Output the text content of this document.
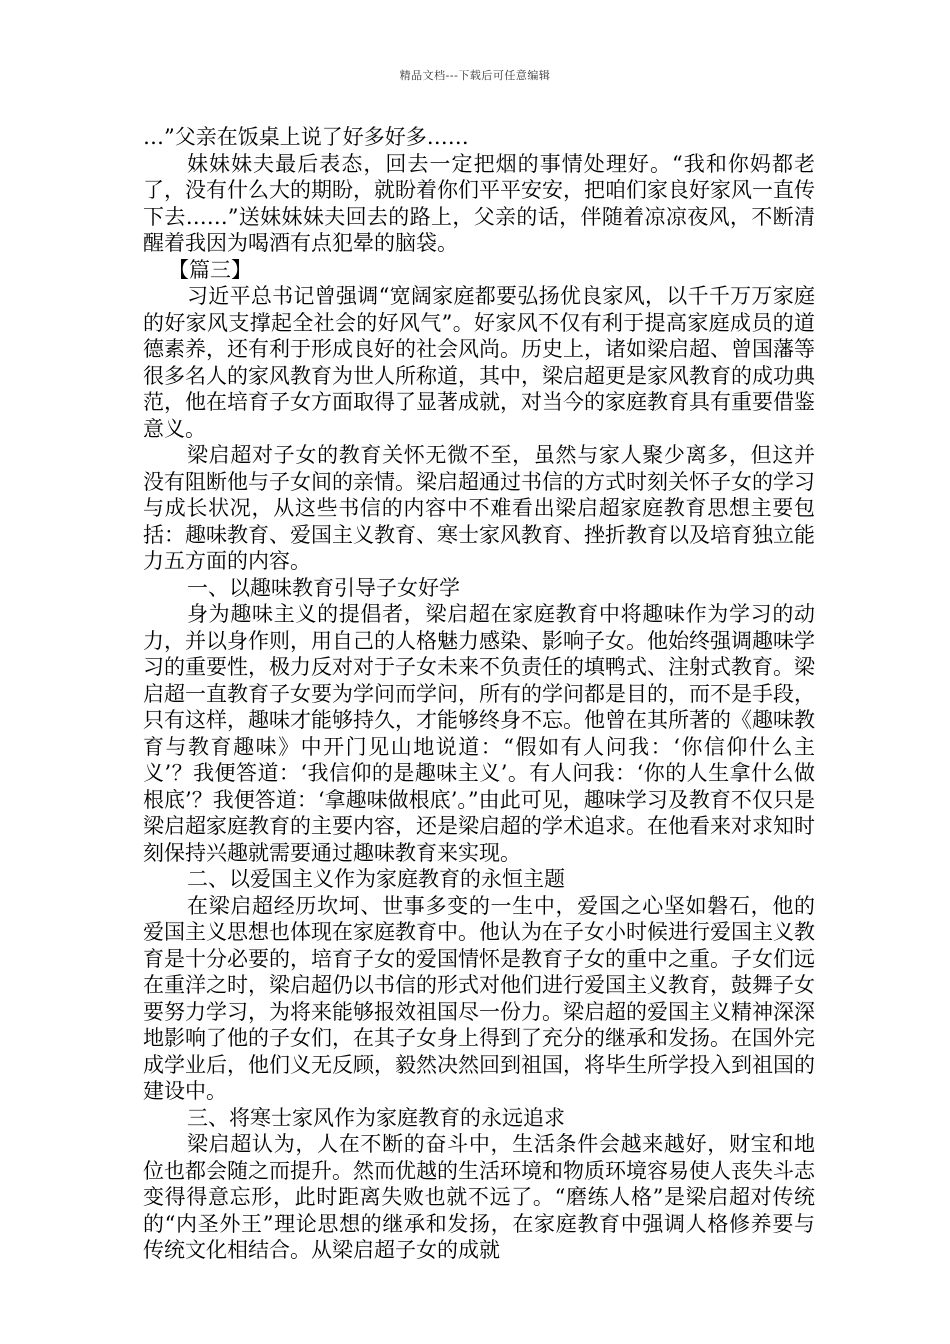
精品文档---下载后可任意编辑

…”父亲在饭桌上说了好多好多……

妹妹妹夫最后表态，回去一定把烟的事情处理好。“我和你妈都老了，没有什么大的期盼，就盼着你们平平安安，把咱们家良好家风一直传下去……”送妹妹妹夫回去的路上，父亲的话，伴随着凉凉夜风，不断清醒着我因为喝酒有点犯晕的脑袋。

【篇三】

习近平总书记曾强调“宽阔家庭都要弘扬优良家风，以千千万万家庭的好家风支撑起全社会的好风气”。好家风不仅有利于提高家庭成员的道德素养，还有利于形成良好的社会风尚。历史上，诸如梁启超、曾国藩等很多名人的家风教育为世人所称道，其中，梁启超更是家风教育的成功典范，他在培育子女方面取得了显著成就，对当今的家庭教育具有重要借鉴意义。

梁启超对子女的教育关怀无微不至，虽然与家人聚少离多，但这并没有阻断他与子女间的亲情。梁启超通过书信的方式时刻关怀子女的学习与成长状况，从这些书信的内容中不难看出梁启超家庭教育思想主要包括：趣味教育、爱国主义教育、寒士家风教育、挫折教育以及培育独立能力五方面的内容。

一、以趣味教育引导子女好学

身为趣味主义的提倡者，梁启超在家庭教育中将趣味作为学习的动力，并以身作则，用自己的人格魅力感染、影响子女。他始终强调趣味学习的重要性，极力反对对于子女未来不负责任的填鸭式、注射式教育。梁启超一直教育子女要为学问而学问，所有的学问都是目的，而不是手段，只有这样，趣味才能够持久，才能够终身不忘。他曾在其所著的《趣味教育与教育趣味》中开门见山地说道：“假如有人问我：‘你信仰什么主义’？我便答道：‘我信仰的是趣味主义’。有人问我：‘你的人生拿什么做根底’？我便答道：‘拿趣味做根底’。”由此可见，趣味学习及教育不仅只是梁启超家庭教育的主要内容，还是梁启超的学术追求。在他看来对求知时刻保持兴趣就需要通过趣味教育来实现。

二、以爱国主义作为家庭教育的永恒主题

在梁启超经历坎坷、世事多变的一生中，爱国之心坚如磐石，他的爱国主义思想也体现在家庭教育中。他认为在子女小时候进行爱国主义教育是十分必要的，培育子女的爱国情怀是教育子女的重中之重。子女们远在重洋之时，梁启超仍以书信的形式对他们进行爱国主义教育，鼓舞子女要努力学习，为将来能够报效祖国尽一份力。梁启超的爱国主义精神深深地影响了他的子女们，在其子女身上得到了充分的继承和发扬。在国外完成学业后，他们义无反顾，毅然决然回到祖国，将毕生所学投入到祖国的建设中。

三、将寒士家风作为家庭教育的永远追求

梁启超认为，人在不断的奋斗中，生活条件会越来越好，财宝和地位也都会随之而提升。然而优越的生活环境和物质环境容易使人丧失斗志变得得意忘形，此时距离失败也就不远了。“磨练人格”是梁启超对传统的“内圣外王”理论思想的继承和发扬，在家庭教育中强调人格修养要与传统文化相结合。从梁启超子女的成就
